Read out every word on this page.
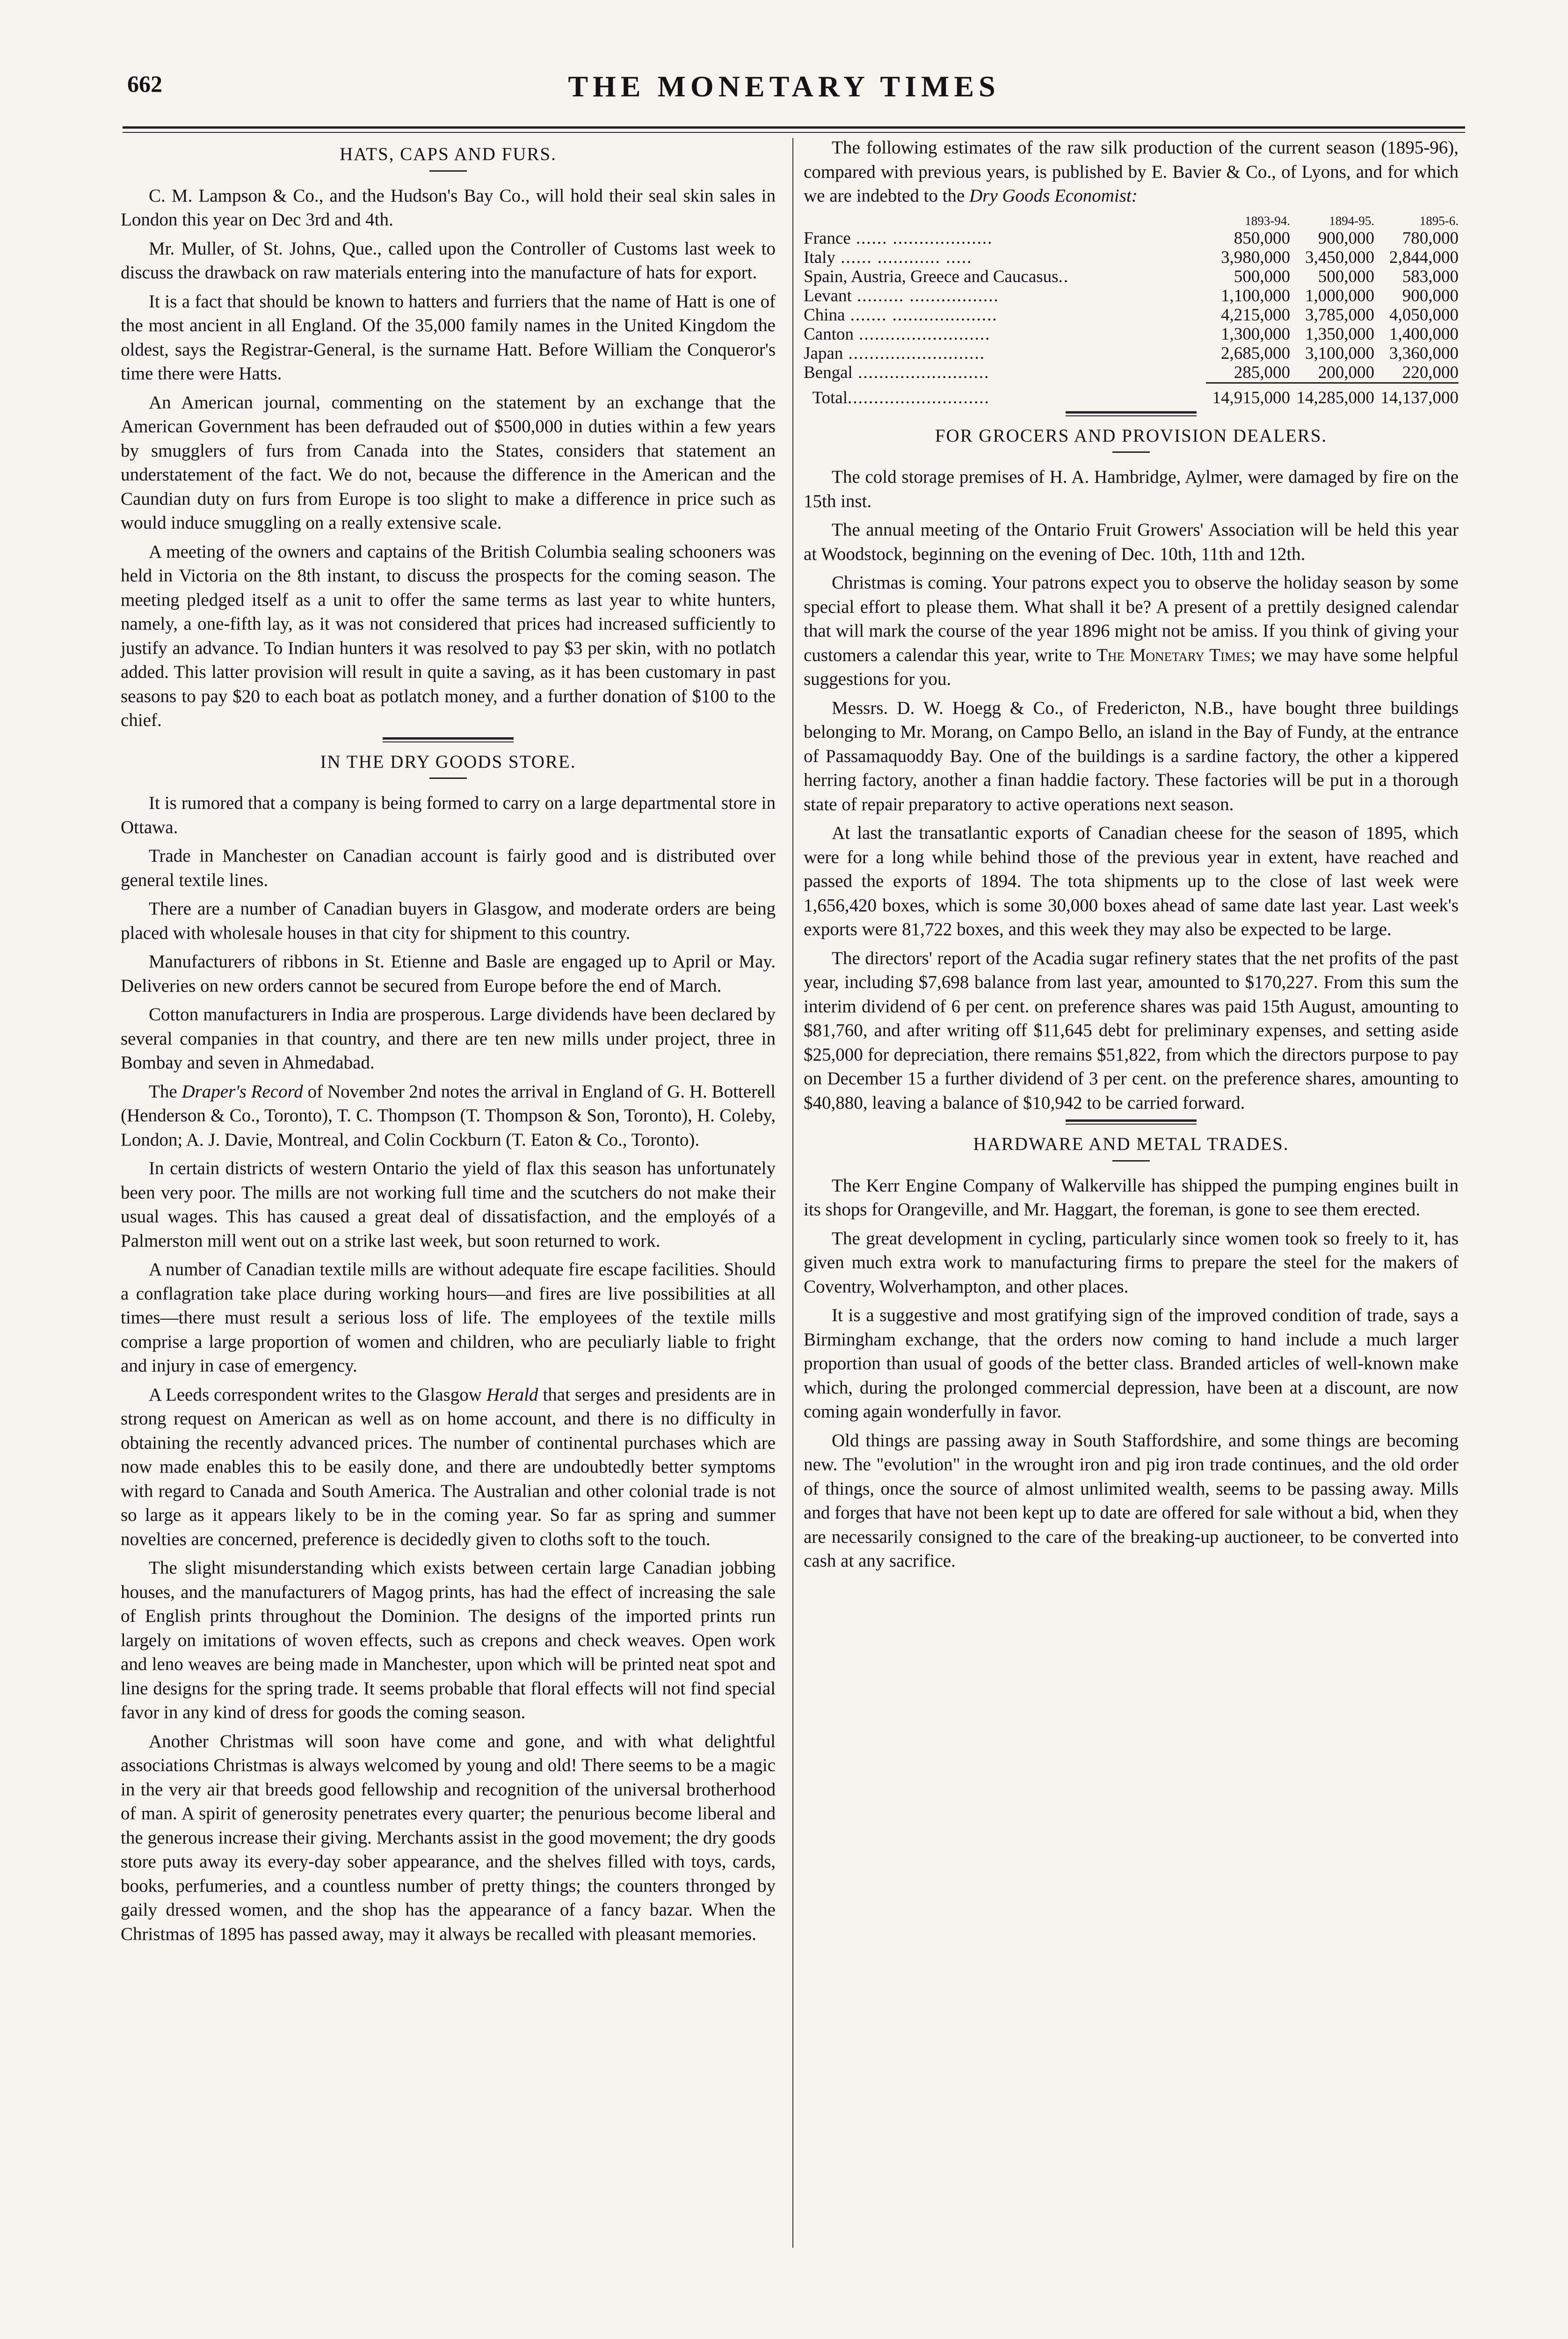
662	THE MONETARY TIMES
HATS, CAPS AND FURS.

C. M. Lampson & Co., and the Hudson's Bay Co., will hold their seal skin sales in London this year on Dec 3rd and 4th.

Mr. Muller, of St. Johns, Que., called upon the Controller of Customs last week to discuss the drawback on raw materials entering into the manufacture of hats for export.

It is a fact that should be known to hatters and furriers that the name of Hatt is one of the most ancient in all England. Of the 35,000 family names in the United Kingdom the oldest, says the Registrar-General, is the surname Hatt. Before William the Conqueror's time there were Hatts.

An American journal, commenting on the statement by an exchange that the American Government has been defrauded out of $500,000 in duties within a few years by smugglers of furs from Canada into the States, considers that statement an understatement of the fact. We do not, because the difference in the American and the Caundian duty on furs from Europe is too slight to make a difference in price such as would induce smuggling on a really extensive scale.

A meeting of the owners and captains of the British Columbia sealing schooners was held in Victoria on the 8th instant, to discuss the prospects for the coming season. The meeting pledged itself as a unit to offer the same terms as last year to white hunters, namely, a one-fifth lay, as it was not considered that prices had increased sufficiently to justify an advance. To Indian hunters it was resolved to pay $3 per skin, with no potlatch added. This latter provision will result in quite a saving, as it has been customary in past seasons to pay $20 to each boat as potlatch money, and a further donation of $100 to the chief.

IN THE DRY GOODS STORE.

It is rumored that a company is being formed to carry on a large departmental store in Ottawa.

Trade in Manchester on Canadian account is fairly good and is distributed over general textile lines.

There are a number of Canadian buyers in Glasgow, and moderate orders are being placed with wholesale houses in that city for shipment to this country.

Manufacturers of ribbons in St. Etienne and Basle are engaged up to April or May. Deliveries on new orders cannot be secured from Europe before the end of March.

Cotton manufacturers in India are prosperous. Large dividends have been declared by several companies in that country, and there are ten new mills under project, three in Bombay and seven in Ahmedabad.

The Draper's Record of November 2nd notes the arrival in England of G. H. Botterell (Henderson & Co., Toronto), T. C. Thompson (T. Thompson & Son, Toronto), H. Coleby, London; A. J. Davie, Montreal, and Colin Cockburn (T. Eaton & Co., Toronto).

In certain districts of western Ontario the yield of flax this season has unfortunately been very poor. The mills are not working full time and the scutchers do not make their usual wages. This has caused a great deal of dissatisfaction, and the employés of a Palmerston mill went out on a strike last week, but soon returned to work.

A number of Canadian textile mills are without adequate fire escape facilities. Should a conflagration take place during working hours—and fires are live possibilities at all times—there must result a serious loss of life. The employees of the textile mills comprise a large proportion of women and children, who are peculiarly liable to fright and injury in case of emergency.

A Leeds correspondent writes to the Glasgow Herald that serges and presidents are in strong request on American as well as on home account, and there is no difficulty in obtaining the recently advanced prices. The number of continental purchases which are now made enables this to be easily done, and there are undoubtedly better symptoms with regard to Canada and South America. The Australian and other colonial trade is not so large as it appears likely to be in the coming year. So far as spring and summer novelties are concerned, preference is decidedly given to cloths soft to the touch.

The slight misunderstanding which exists between certain large Canadian jobbing houses, and the manufacturers of Magog prints, has had the effect of increasing the sale of English prints throughout the Dominion. The designs of the imported prints run largely on imitations of woven effects, such as crepons and check weaves. Open work and leno weaves are being made in Manchester, upon which will be printed neat spot and line designs for the spring trade. It seems probable that floral effects will not find special favor in any kind of dress for goods the coming season.

Another Christmas will soon have come and gone, and with what delightful associations Christmas is always welcomed by young and old! There seems to be a magic in the very air that breeds good fellowship and recognition of the universal brotherhood of man. A spirit of generosity penetrates every quarter; the penurious become liberal and the generous increase their giving. Merchants assist in the good movement; the dry goods store puts away its every-day sober appearance, and the shelves filled with toys, cards, books, perfumeries, and a countless number of pretty things; the counters thronged by gaily dressed women, and the shop has the appearance of a fancy bazar. When the Christmas of 1895 has passed away, may it always be recalled with pleasant memories.

The following estimates of the raw silk production of the current season (1895-96), compared with previous years, is published by E. Bavier & Co., of Lyons, and for which we are indebted to the Dry Goods Economist:

	1893-94.	1894-95.	1895-6.
France ...... ...................	850,000	900,000	780,000
Italy ...... ............ .....	3,980,000	3,450,000	2,844,000
Spain, Austria, Greece and Caucasus..	500,000	500,000	583,000
Levant ......... .................	1,100,000	1,000,000	900,000
China ....... ....................	4,215,000	3,785,000	4,050,000
Canton .........................	1,300,000	1,350,000	1,400,000
Japan ..........................	2,685,000	3,100,000	3,360,000
Bengal .........................	285,000	200,000	220,000

Total...........................	14,915,000	14,285,000	14,137,000
FOR GROCERS AND PROVISION DEALERS.

The cold storage premises of H. A. Hambridge, Aylmer, were damaged by fire on the 15th inst.

The annual meeting of the Ontario Fruit Growers' Association will be held this year at Woodstock, beginning on the evening of Dec. 10th, 11th and 12th.

Christmas is coming. Your patrons expect you to observe the holiday season by some special effort to please them. What shall it be? A present of a prettily designed calendar that will mark the course of the year 1896 might not be amiss. If you think of giving your customers a calendar this year, write to The Monetary Times; we may have some helpful suggestions for you.

Messrs. D. W. Hoegg & Co., of Fredericton, N.B., have bought three buildings belonging to Mr. Morang, on Campo Bello, an island in the Bay of Fundy, at the entrance of Passamaquoddy Bay. One of the buildings is a sardine factory, the other a kippered herring factory, another a finan haddie factory. These factories will be put in a thorough state of repair preparatory to active operations next season.

At last the transatlantic exports of Canadian cheese for the season of 1895, which were for a long while behind those of the previous year in extent, have reached and passed the exports of 1894. The tota shipments up to the close of last week were 1,656,420 boxes, which is some 30,000 boxes ahead of same date last year. Last week's exports were 81,722 boxes, and this week they may also be expected to be large.

The directors' report of the Acadia sugar refinery states that the net profits of the past year, including $7,698 balance from last year, amounted to $170,227. From this sum the interim dividend of 6 per cent. on preference shares was paid 15th August, amounting to $81,760, and after writing off $11,645 debt for preliminary expenses, and setting aside $25,000 for depreciation, there remains $51,822, from which the directors purpose to pay on December 15 a further dividend of 3 per cent. on the preference shares, amounting to $40,880, leaving a balance of $10,942 to be carried forward.

HARDWARE AND METAL TRADES.

The Kerr Engine Company of Walkerville has shipped the pumping engines built in its shops for Orangeville, and Mr. Haggart, the foreman, is gone to see them erected.

The great development in cycling, particularly since women took so freely to it, has given much extra work to manufacturing firms to prepare the steel for the makers of Coventry, Wolverhampton, and other places.

It is a suggestive and most gratifying sign of the improved condition of trade, says a Birmingham exchange, that the orders now coming to hand include a much larger proportion than usual of goods of the better class. Branded articles of well-known make which, during the prolonged commercial depression, have been at a discount, are now coming again wonderfully in favor.

Old things are passing away in South Staffordshire, and some things are becoming new. The "evolution" in the wrought iron and pig iron trade continues, and the old order of things, once the source of almost unlimited wealth, seems to be passing away. Mills and forges that have not been kept up to date are offered for sale without a bid, when they are necessarily consigned to the care of the breaking-up auctioneer, to be converted into cash at any sacrifice.
